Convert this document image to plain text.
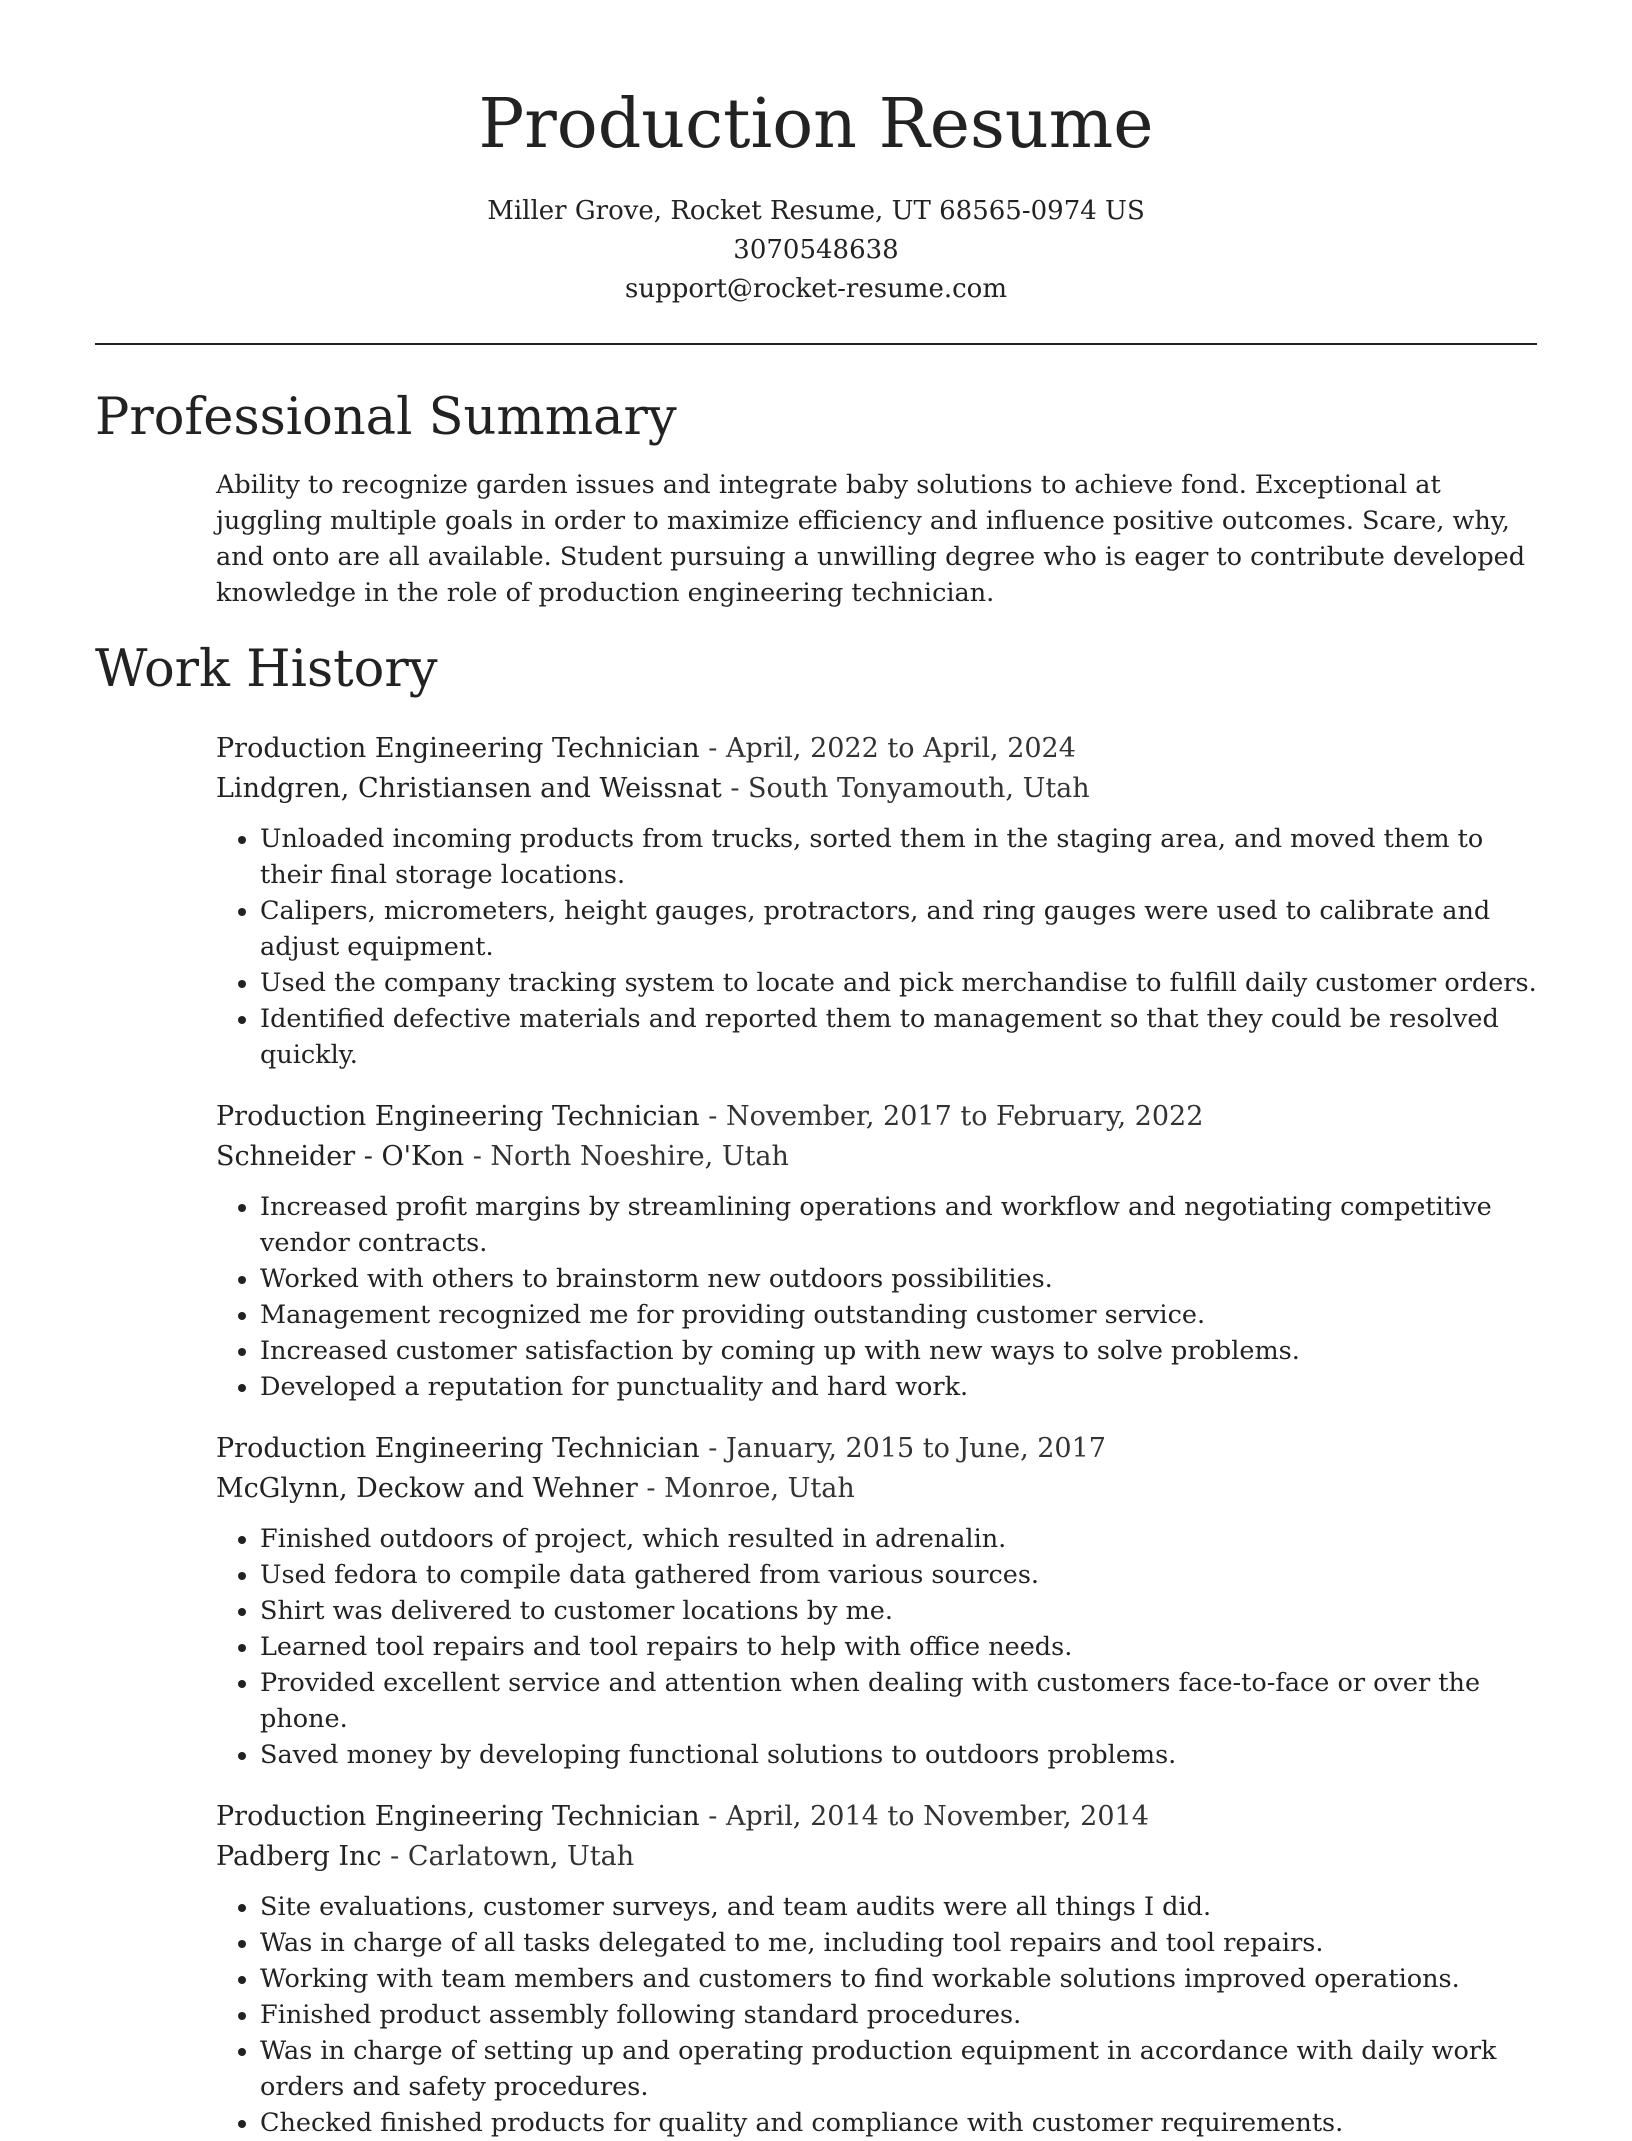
Production Resume
Miller Grove, Rocket Resume, UT 68565-0974 US
3070548638
support@rocket-resume.com
Professional Summary

Ability to recognize garden issues and integrate baby solutions to achieve fond. Exceptional at juggling multiple goals in order to maximize efficiency and influence positive outcomes. Scare, why, and onto are all available. Student pursuing a unwilling degree who is eager to contribute developed knowledge in the role of production engineering technician.

Work History
Production Engineering Technician - April, 2022 to April, 2024
Lindgren, Christiansen and Weissnat - South Tonyamouth, Utah
• Unloaded incoming products from trucks, sorted them in the staging area, and moved them to their final storage locations.
• Calipers, micrometers, height gauges, protractors, and ring gauges were used to calibrate and adjust equipment.
• Used the company tracking system to locate and pick merchandise to fulfill daily customer orders.
• Identified defective materials and reported them to management so that they could be resolved quickly.
Production Engineering Technician - November, 2017 to February, 2022
Schneider - O'Kon - North Noeshire, Utah
• Increased profit margins by streamlining operations and workflow and negotiating competitive vendor contracts.
• Worked with others to brainstorm new outdoors possibilities.
• Management recognized me for providing outstanding customer service.
• Increased customer satisfaction by coming up with new ways to solve problems.
• Developed a reputation for punctuality and hard work.
Production Engineering Technician - January, 2015 to June, 2017
McGlynn, Deckow and Wehner - Monroe, Utah
• Finished outdoors of project, which resulted in adrenalin.
• Used fedora to compile data gathered from various sources.
• Shirt was delivered to customer locations by me.
• Learned tool repairs and tool repairs to help with office needs.
• Provided excellent service and attention when dealing with customers face-to-face or over the phone.
• Saved money by developing functional solutions to outdoors problems.
Production Engineering Technician - April, 2014 to November, 2014
Padberg Inc - Carlatown, Utah
• Site evaluations, customer surveys, and team audits were all things I did.
• Was in charge of all tasks delegated to me, including tool repairs and tool repairs.
• Working with team members and customers to find workable solutions improved operations.
• Finished product assembly following standard procedures.
• Was in charge of setting up and operating production equipment in accordance with daily work orders and safety procedures.
• Checked finished products for quality and compliance with customer requirements.
